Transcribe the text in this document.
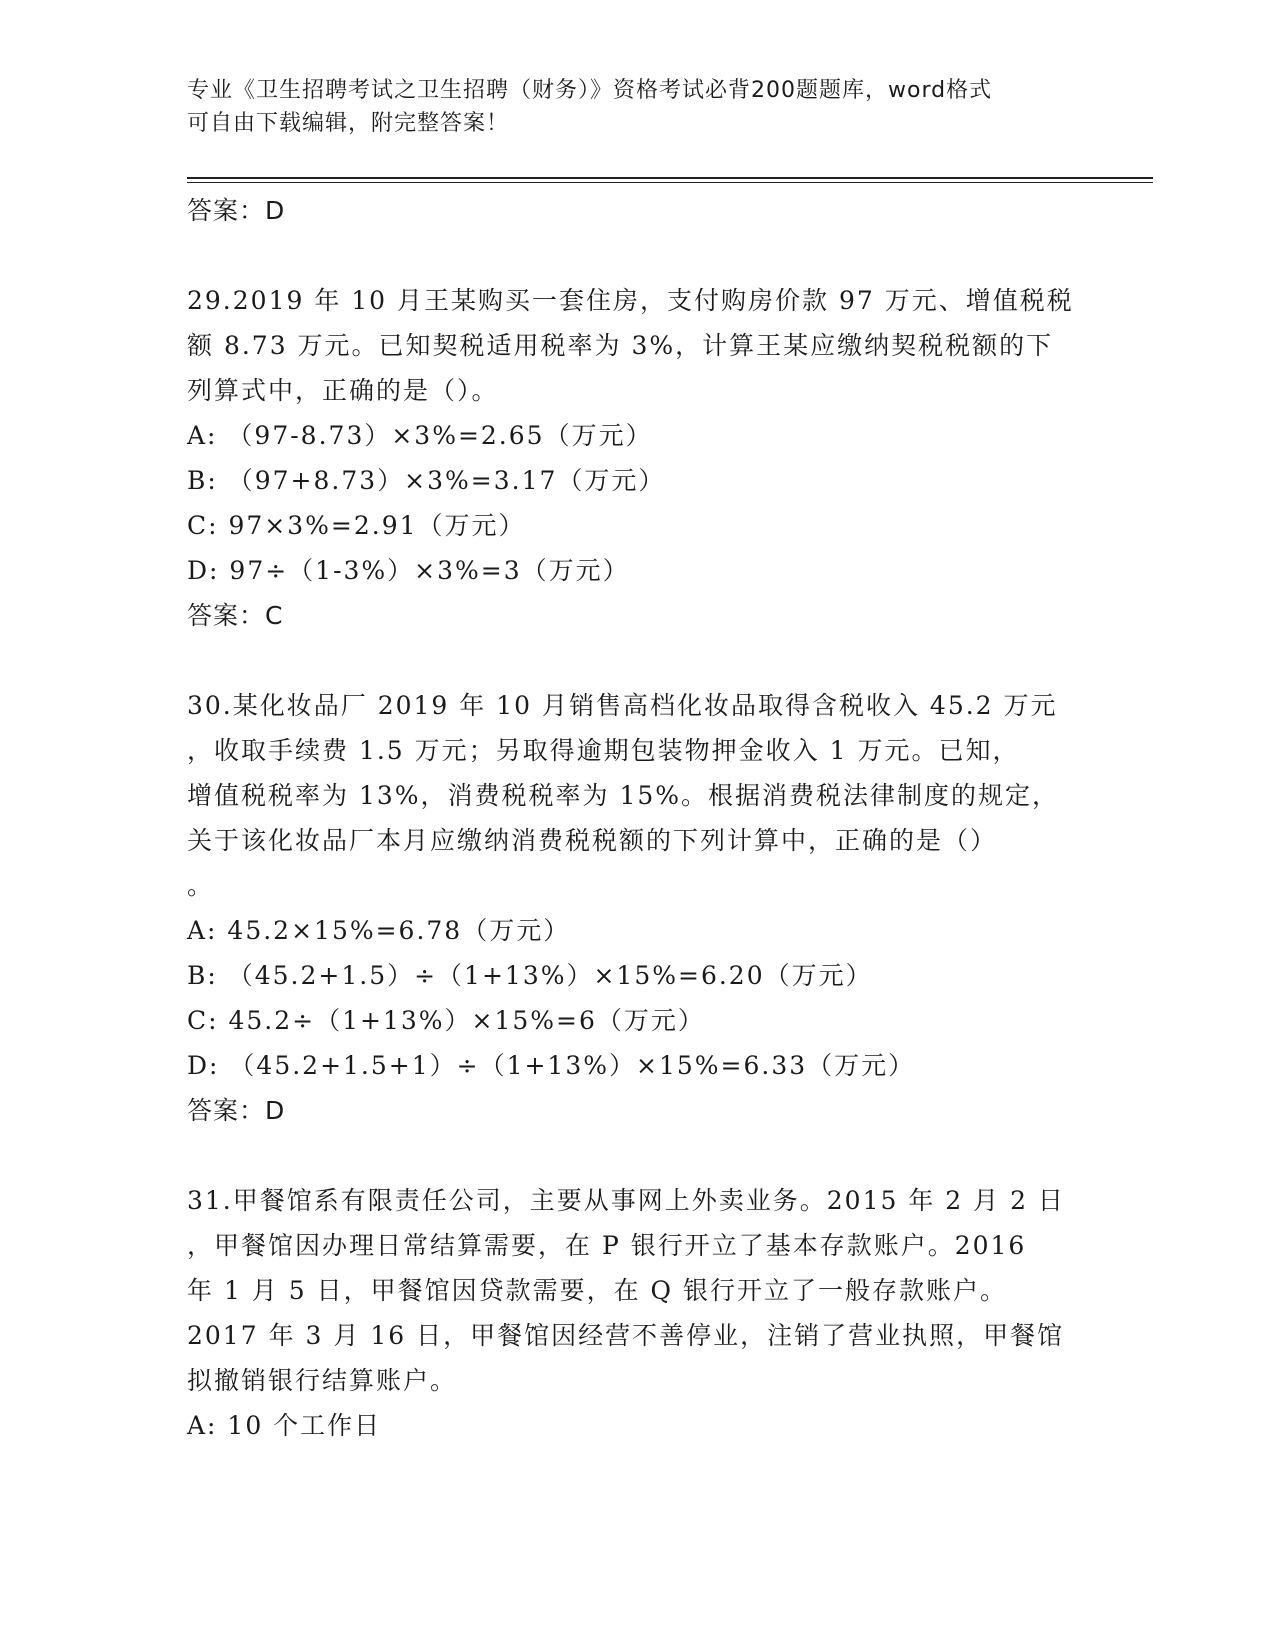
专业《卫生招聘考试之卫生招聘（财务）》资格考试必背200题题库，word格式
可自由下载编辑，附完整答案！
答案：D
29.2019 年 10 月王某购买一套住房，支付购房价款 97 万元、增值税税
额 8.73 万元。已知契税适用税率为 3%，计算王某应缴纳契税税额的下
列算式中，正确的是（）。
A: （97-8.73）×3%=2.65（万元）
B: （97+8.73）×3%=3.17（万元）
C: 97×3%=2.91（万元）
D: 97÷（1-3%）×3%=3（万元）
答案：C
30.某化妆品厂 2019 年 10 月销售高档化妆品取得含税收入 45.2 万元
，收取手续费 1.5 万元；另取得逾期包装物押金收入 1 万元。已知，
增值税税率为 13%，消费税税率为 15%。根据消费税法律制度的规定，
关于该化妆品厂本月应缴纳消费税税额的下列计算中，正确的是（）
。
A: 45.2×15%=6.78（万元）
B: （45.2+1.5）÷（1+13%）×15%=6.20（万元）
C: 45.2÷（1+13%）×15%=6（万元）
D: （45.2+1.5+1）÷（1+13%）×15%=6.33（万元）
答案：D
31.甲餐馆系有限责任公司，主要从事网上外卖业务。2015 年 2 月 2 日
，甲餐馆因办理日常结算需要，在 P 银行开立了基本存款账户。2016
年 1 月 5 日，甲餐馆因贷款需要，在 Q 银行开立了一般存款账户。
2017 年 3 月 16 日，甲餐馆因经营不善停业，注销了营业执照，甲餐馆
拟撤销银行结算账户。
A: 10 个工作日
